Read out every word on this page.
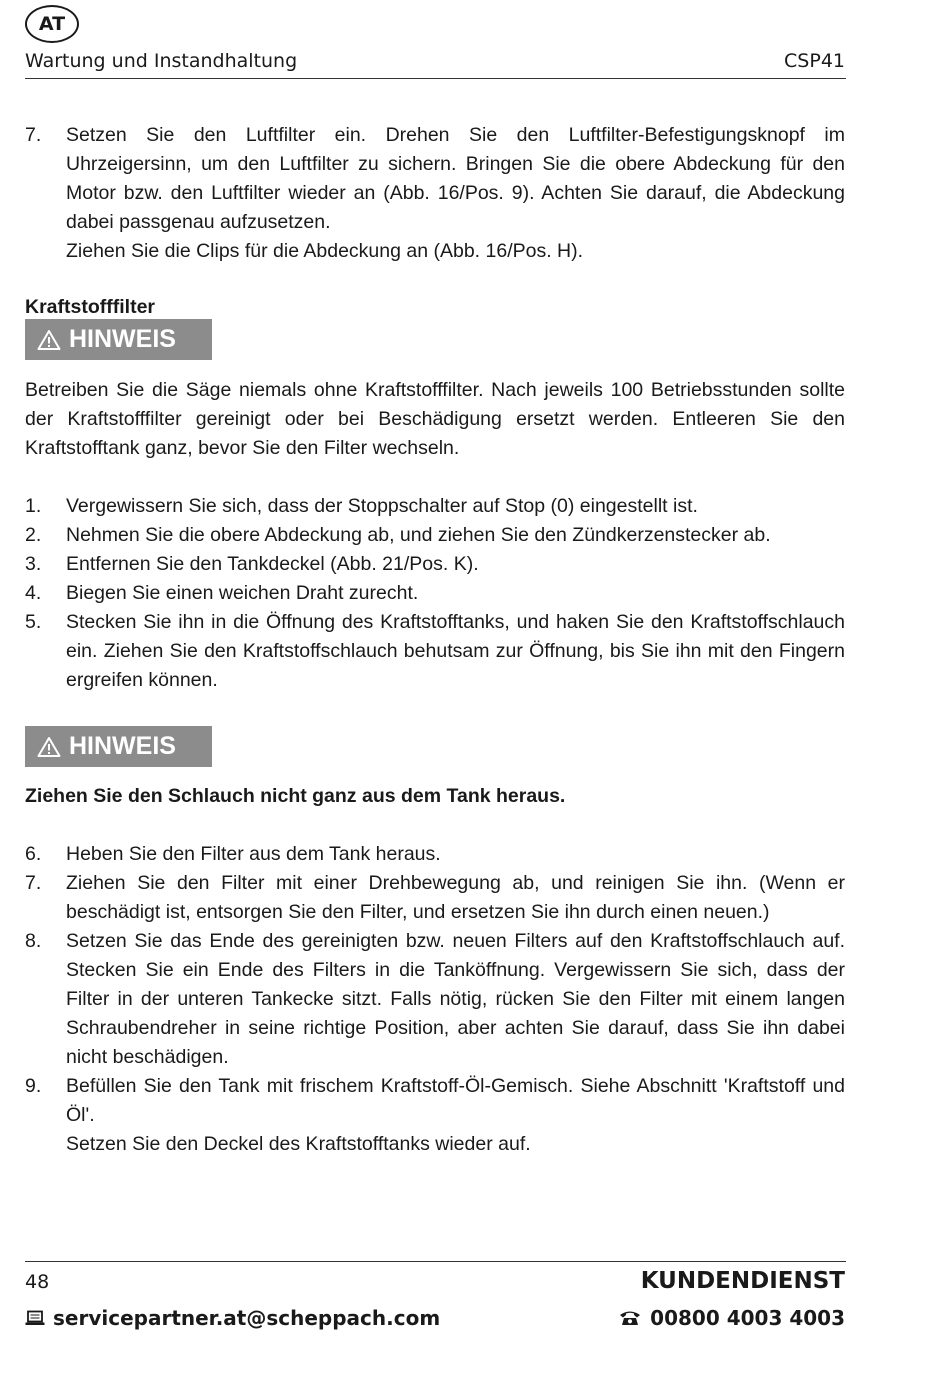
AT
Wartung und Instandhaltung	CSP41
7.	Setzen Sie den Luftfilter ein. Drehen Sie den Luftfilter-Befestigungsknopf im Uhrzeigersinn, um den Luftfilter zu sichern. Bringen Sie die obere Abdeckung für den Motor bzw. den Luftfilter wieder an (Abb. 16/Pos. 9). Achten Sie darauf, die Abdeckung dabei passgenau aufzusetzen.
Ziehen Sie die Clips für die Abdeckung an (Abb. 16/Pos. H).
Kraftstofffilter
HINWEIS
Betreiben Sie die Säge niemals ohne Kraftstofffilter. Nach jeweils 100 Betriebsstunden sollte der Kraftstofffilter gereinigt oder bei Beschädigung ersetzt werden. Entleeren Sie den Kraftstofftank ganz, bevor Sie den Filter wechseln.
1.	Vergewissern Sie sich, dass der Stoppschalter auf Stop (0) eingestellt ist.
2.	Nehmen Sie die obere Abdeckung ab, und ziehen Sie den Zündkerzenstecker ab.
3.	Entfernen Sie den Tankdeckel (Abb. 21/Pos. K).
4.	Biegen Sie einen weichen Draht zurecht.
5.	Stecken Sie ihn in die Öffnung des Kraftstofftanks, und haken Sie den Kraftstoffschlauch ein. Ziehen Sie den Kraftstoffschlauch behutsam zur Öffnung, bis Sie ihn mit den Fingern ergreifen können.
HINWEIS
Ziehen Sie den Schlauch nicht ganz aus dem Tank heraus.
6.	Heben Sie den Filter aus dem Tank heraus.
7.	Ziehen Sie den Filter mit einer Drehbewegung ab, und reinigen Sie ihn. (Wenn er beschädigt ist, entsorgen Sie den Filter, und ersetzen Sie ihn durch einen neuen.)
8.	Setzen Sie das Ende des gereinigten bzw. neuen Filters auf den Kraftstoffschlauch auf. Stecken Sie ein Ende des Filters in die Tanköffnung. Vergewissern Sie sich, dass der Filter in der unteren Tankecke sitzt. Falls nötig, rücken Sie den Filter mit einem langen Schraubendreher in seine richtige Position, aber achten Sie darauf, dass Sie ihn dabei nicht beschädigen.
9.	Befüllen Sie den Tank mit frischem Kraftstoff-Öl-Gemisch. Siehe Abschnitt 'Kraftstoff und Öl'.
Setzen Sie den Deckel des Kraftstofftanks wieder auf.
48	KUNDENDIENST
servicepartner.at@scheppach.com	00800 4003 4003
